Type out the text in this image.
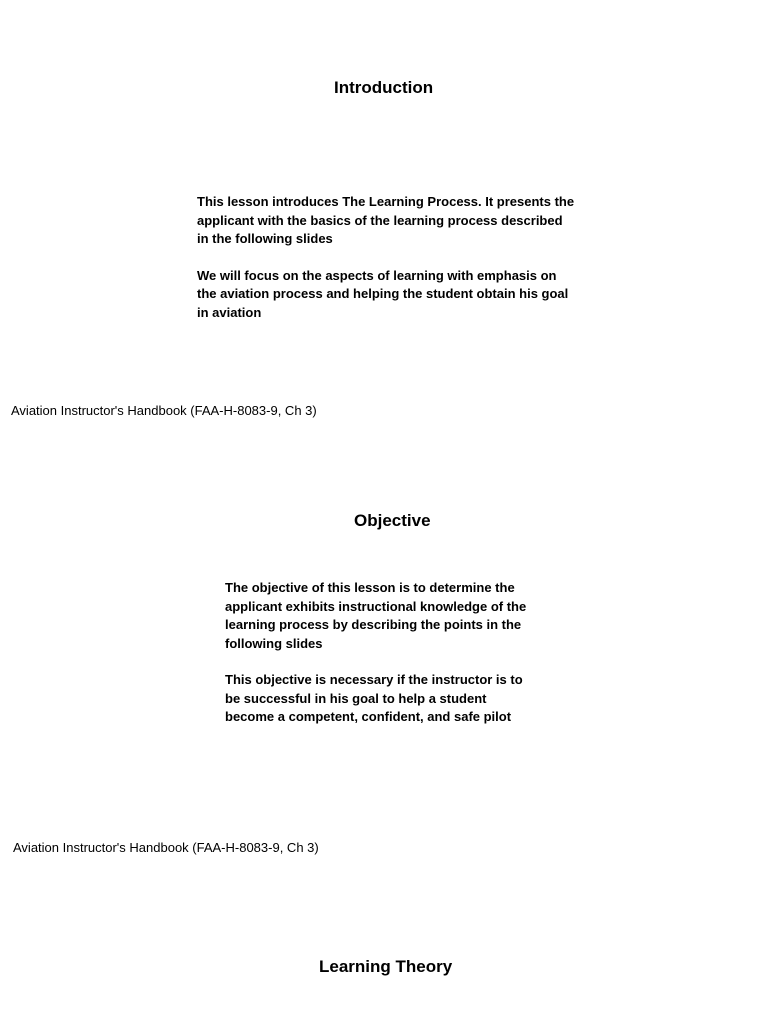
Introduction

This lesson introduces The Learning Process. It presents the applicant with the basics of the learning process described in the following slides

We will focus on the aspects of learning with emphasis on the aviation process and helping the student obtain his goal in aviation

Aviation Instructor's Handbook (FAA-H-8083-9, Ch 3)
Objective

The objective of this lesson is to determine the applicant exhibits instructional knowledge of the learning process by describing the points in the following slides

This objective is necessary if the instructor is to be successful in his goal to help a student become a competent, confident, and safe pilot

Aviation Instructor's Handbook (FAA-H-8083-9, Ch 3)
Learning Theory
